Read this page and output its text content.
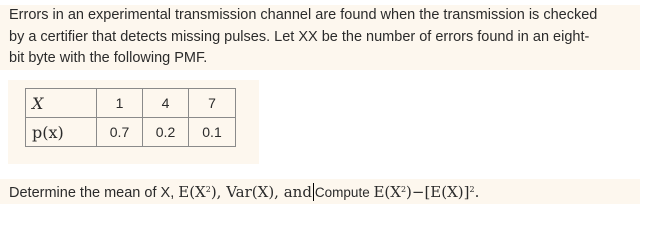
Errors in an experimental transmission channel are found when the transmission is checked
by a certifier that detects missing pulses. Let XX be the number of errors found in an eight-
bit byte with the following PMF.
X	1	4	7
p(x)	0.7	0.2	0.1
Determine the mean of X, $E(X^2)$, Var(X), and Compute $E(X^2)-[E(X)]^2$.
